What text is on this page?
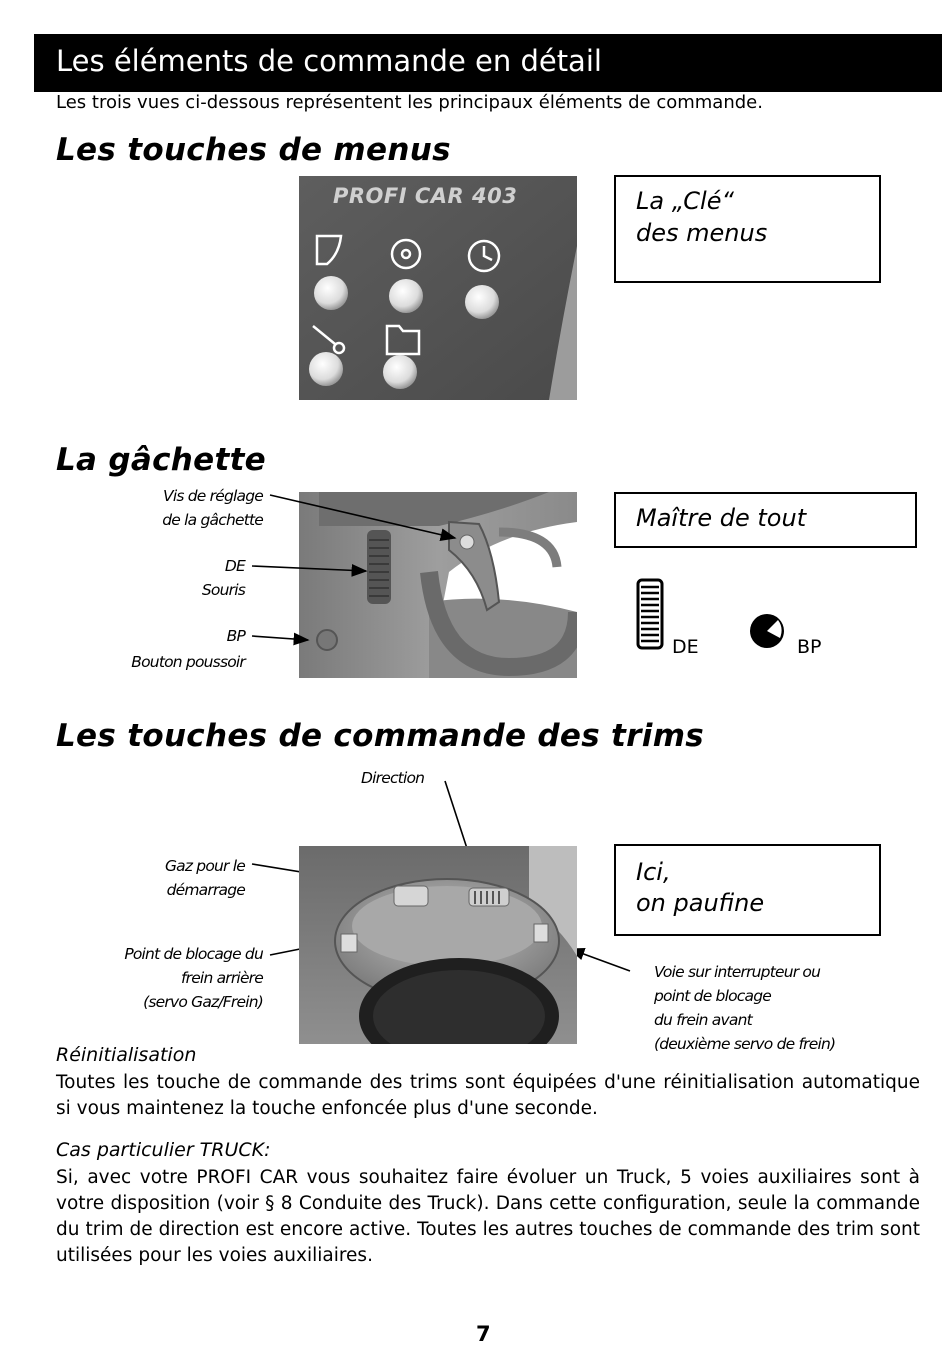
Les éléments de commande en détail
Les trois vues ci-dessous représentent les principaux éléments de commande.
Les touches de menus
PROFI CAR 403	La „Clé“
des menus
La gâchette
Vis de réglage
de la gâchette
DE
Souris
BP
Bouton poussoir
Maître de tout
DE	BP
Les touches de commande des trims
Direction
Gaz pour le
démarrage
Point de blocage du
frein arrière
(servo Gaz/Frein)
Voie sur interrupteur ou
point de blocage
du frein avant
(deuxième servo de frein)
Ici,
on paufine
Réinitialisation
Toutes les touche de commande des trims sont équipées d'une réinitialisation automatique si vous maintenez la touche enfoncée plus d'une seconde.
Cas particulier TRUCK:
Si, avec votre PROFI CAR vous souhaitez faire évoluer un Truck, 5 voies auxiliaires sont à votre disposition (voir § 8 Conduite des Truck). Dans cette configuration, seule la commande du trim de direction est encore active. Toutes les autres touches de commande des trim sont utilisées pour les voies auxiliaires.
7
